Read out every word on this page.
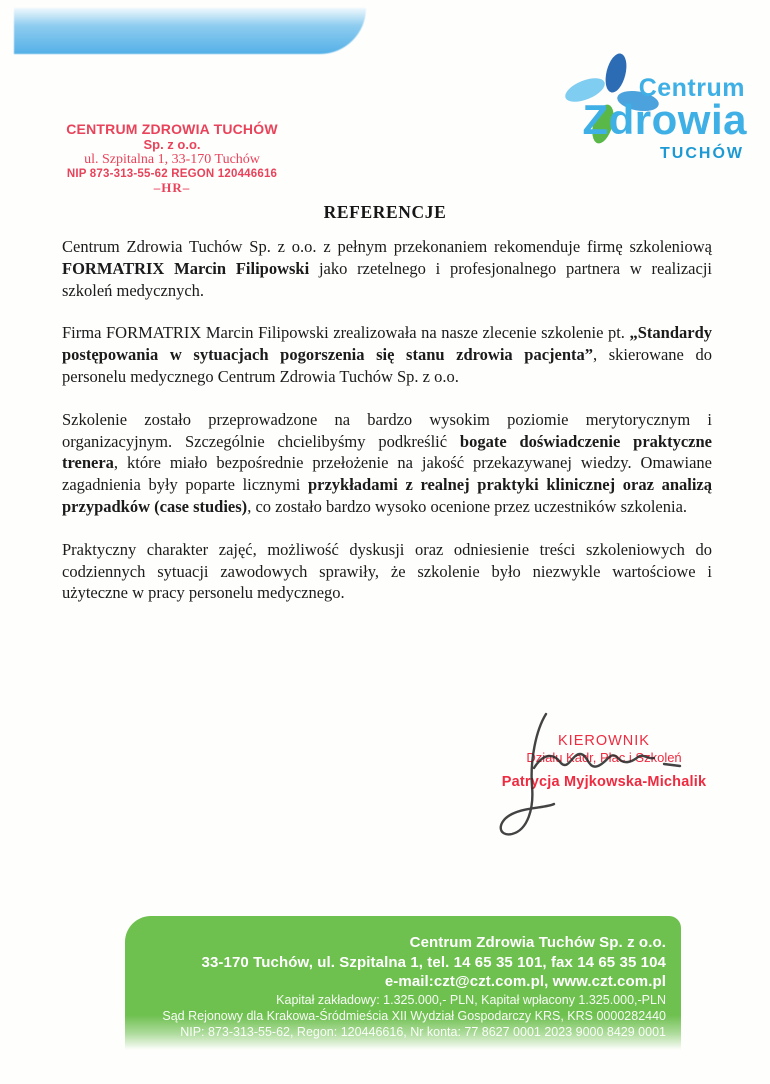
CENTRUM ZDROWIA TUCHÓW
Sp. z o.o.
ul. Szpitalna 1, 33-170 Tuchów
NIP 873-313-55-62 REGON 120446616
–HR–
Centrum
Zdrowia
TUCHÓW
REFERENCJE

Centrum Zdrowia Tuchów Sp. z o.o. z pełnym przekonaniem rekomenduje firmę szkoleniową FORMATRIX Marcin Filipowski jako rzetelnego i profesjonalnego partnera w realizacji szkoleń medycznych.

Firma FORMATRIX Marcin Filipowski zrealizowała na nasze zlecenie szkolenie pt. „Standardy postępowania w sytuacjach pogorszenia się stanu zdrowia pacjenta”, skierowane do personelu medycznego Centrum Zdrowia Tuchów Sp. z o.o.

Szkolenie zostało przeprowadzone na bardzo wysokim poziomie merytorycznym i organizacyjnym. Szczególnie chcielibyśmy podkreślić bogate doświadczenie praktyczne trenera, które miało bezpośrednie przełożenie na jakość przekazywanej wiedzy. Omawiane zagadnienia były poparte licznymi przykładami z realnej praktyki klinicznej oraz analizą przypadków (case studies), co zostało bardzo wysoko ocenione przez uczestników szkolenia.

Praktyczny charakter zajęć, możliwość dyskusji oraz odniesienie treści szkoleniowych do codziennych sytuacji zawodowych sprawiły, że szkolenie było niezwykle wartościowe i użyteczne w pracy personelu medycznego.

KIEROWNIK
Działu Kadr, Płac i Szkoleń
Patrycja Myjkowska-Michalik
Centrum Zdrowia Tuchów Sp. z o.o.
33-170 Tuchów, ul. Szpitalna 1, tel. 14 65 35 101, fax 14 65 35 104
e-mail:czt@czt.com.pl, www.czt.com.pl
Kapitał zakładowy: 1.325.000,- PLN, Kapitał wpłacony 1.325.000,-PLN
Sąd Rejonowy dla Krakowa-Śródmieścia XII Wydział Gospodarczy KRS, KRS 0000282440
NIP: 873-313-55-62, Regon: 120446616, Nr konta: 77 8627 0001 2023 9000 8429 0001
